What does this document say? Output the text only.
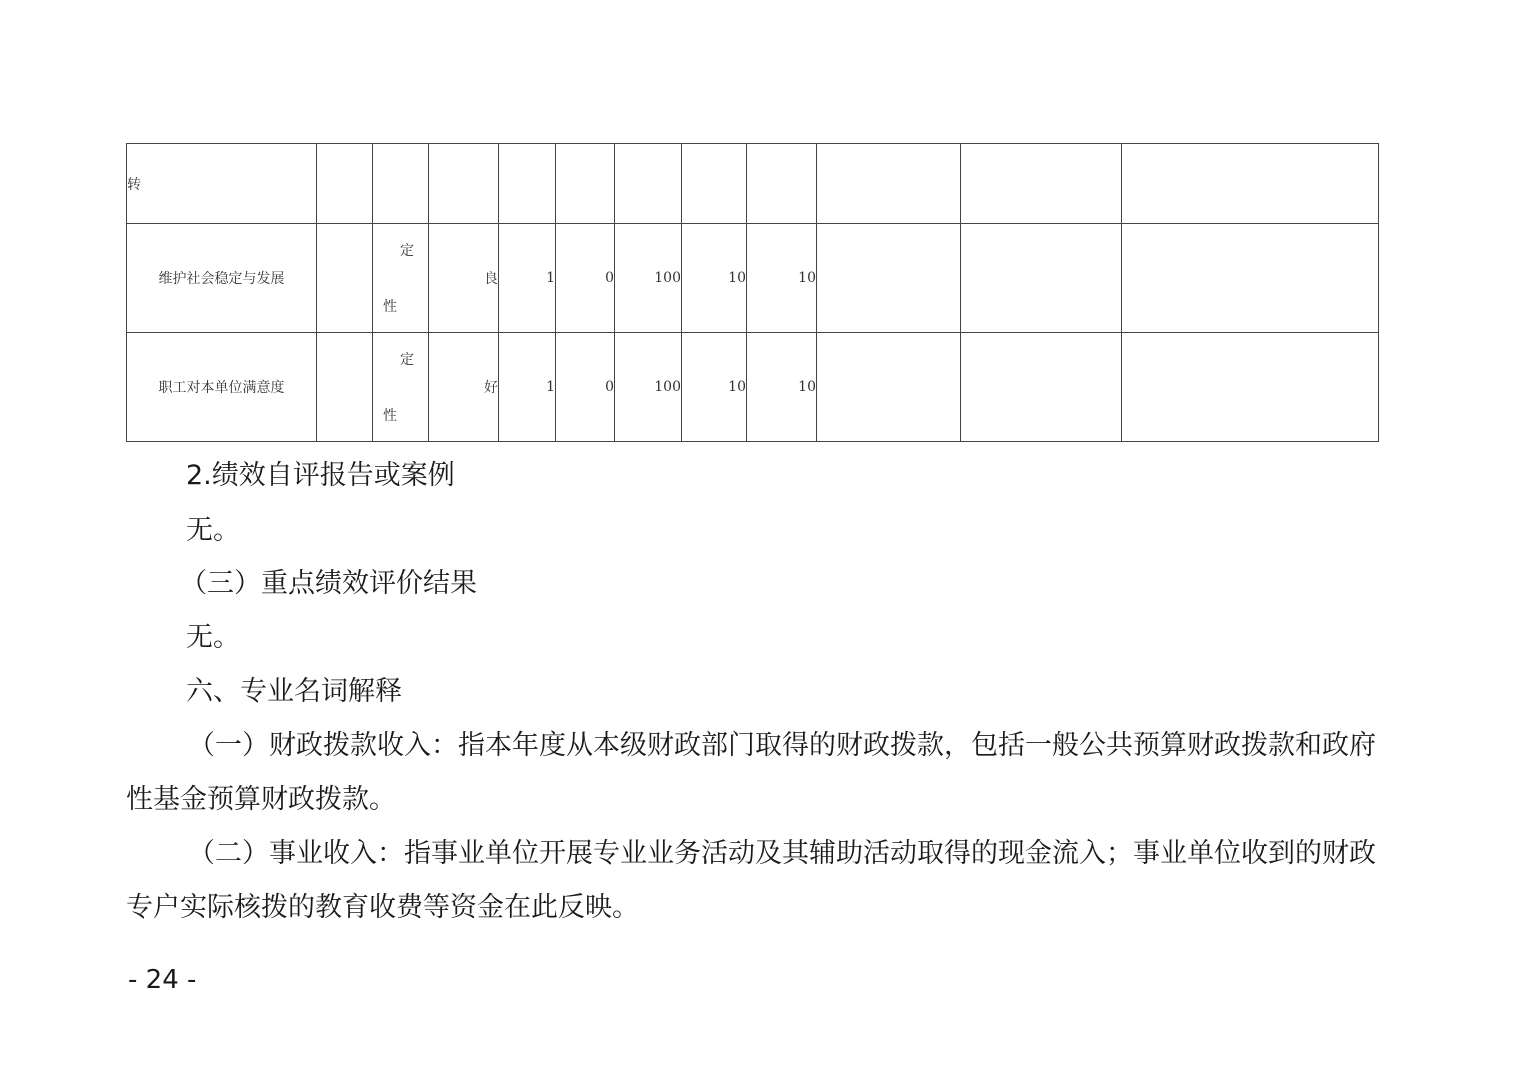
转		

维护社会稳定与发展		定
性	良	1	0	100	10	10			
职工对本单位满意度		定
性	好	1	0	100	10	10			
2.绩效自评报告或案例
无。
（三）重点绩效评价结果
无。
六、专业名词解释
（一）财政拨款收入：指本年度从本级财政部门取得的财政拨款，包括一般公共预算财政拨款和政府性基金预算财政拨款。
（二）事业收入：指事业单位开展专业业务活动及其辅助活动取得的现金流入；事业单位收到的财政专户实际核拨的教育收费等资金在此反映。
- 24 -
